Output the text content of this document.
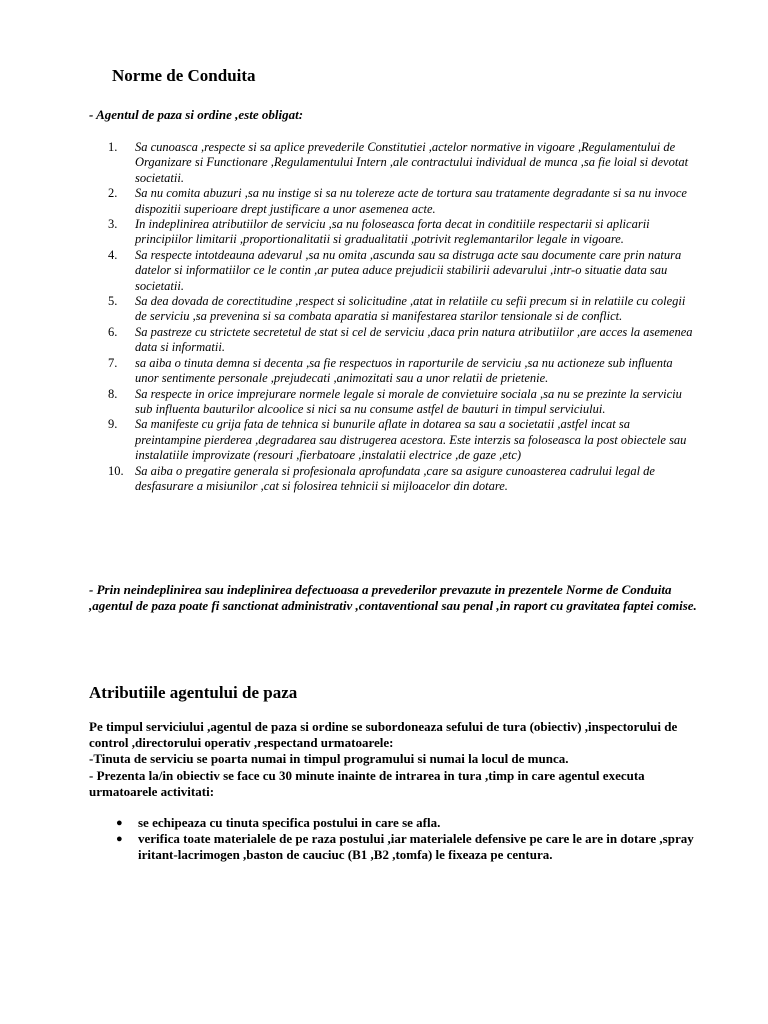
Norme de Conduita

- Agentul de paza si ordine ,este obligat:

1.	Sa cunoasca ,respecte si sa aplice prevederile Constitutiei ,actelor normative in vigoare ,Regulamentului de Organizare si Functionare ,Regulamentului Intern ,ale contractului individual de munca ,sa fie loial si devotat societatii.
2.	Sa nu comita abuzuri ,sa nu instige si sa nu tolereze acte de tortura sau tratamente degradante si sa nu invoce dispozitii superioare drept justificare a unor asemenea acte.
3.	In indeplinirea atributiilor de serviciu ,sa nu foloseasca forta decat in conditiile respectarii si aplicarii principiilor limitarii ,proportionalitatii si gradualitatii ,potrivit reglemantarilor legale in vigoare.
4.	Sa respecte intotdeauna adevarul ,sa nu omita ,ascunda sau sa distruga acte sau documente care prin natura datelor si informatiilor ce le contin ,ar putea aduce prejudicii stabilirii adevarului ,intr-o situatie data sau societatii.
5.	Sa dea dovada de corectitudine ,respect si solicitudine ,atat in relatiile cu sefii precum si in relatiile cu colegii de serviciu ,sa prevenina si sa combata aparatia si manifestarea starilor tensionale si de conflict.
6.	Sa pastreze cu strictete secretetul de stat si cel de serviciu ,daca prin natura atributiilor ,are acces la asemenea data si informatii.
7.	sa aiba o tinuta demna si decenta ,sa fie respectuos in raporturile de serviciu ,sa nu actioneze sub influenta unor sentimente personale ,prejudecati ,animozitati sau a unor relatii de prietenie.
8.	Sa respecte in orice imprejurare normele legale si morale de convietuire sociala ,sa nu se prezinte la serviciu sub influenta bauturilor alcoolice si nici sa nu consume astfel de bauturi in timpul serviciului.
9.	Sa manifeste cu grija fata de tehnica si bunurile aflate in dotarea sa sau a societatii ,astfel incat sa preintampine pierderea ,degradarea sau distrugerea acestora. Este interzis sa foloseasca la post obiectele sau instalatiile improvizate (resouri ,fierbatoare ,instalatii electrice ,de gaze ,etc)
10. Sa aiba o pregatire generala si profesionala aprofundata ,care sa asigure cunoasterea cadrului legal de desfasurare a misiunilor ,cat si folosirea tehnicii si mijloacelor din dotare.

- Prin neindeplinirea sau indeplinirea defectuoasa a prevederilor prevazute in prezentele Norme de Conduita ,agentul de paza poate fi sanctionat administrativ ,contaventional sau penal ,in raport cu gravitatea faptei comise.

Atributiile agentului de paza
Pe timpul serviciului ,agentul de paza si ordine se subordoneaza sefului de tura (obiectiv) ,inspectorului de control ,directorului operativ ,respectand urmatoarele:
-Tinuta de serviciu se poarta numai in timpul programului si numai la locul de munca.
- Prezenta la/in obiectiv se face cu 30 minute inainte de intrarea in tura ,timp in care agentul executa urmatoarele activitati:
●	se echipeaza cu tinuta specifica postului in care se afla.
●	verifica toate materialele de pe raza postului ,iar materialele defensive pe care le are in dotare ,spray iritant-lacrimogen ,baston de cauciuc (B1 ,B2 ,tomfa) le fixeaza pe centura.
